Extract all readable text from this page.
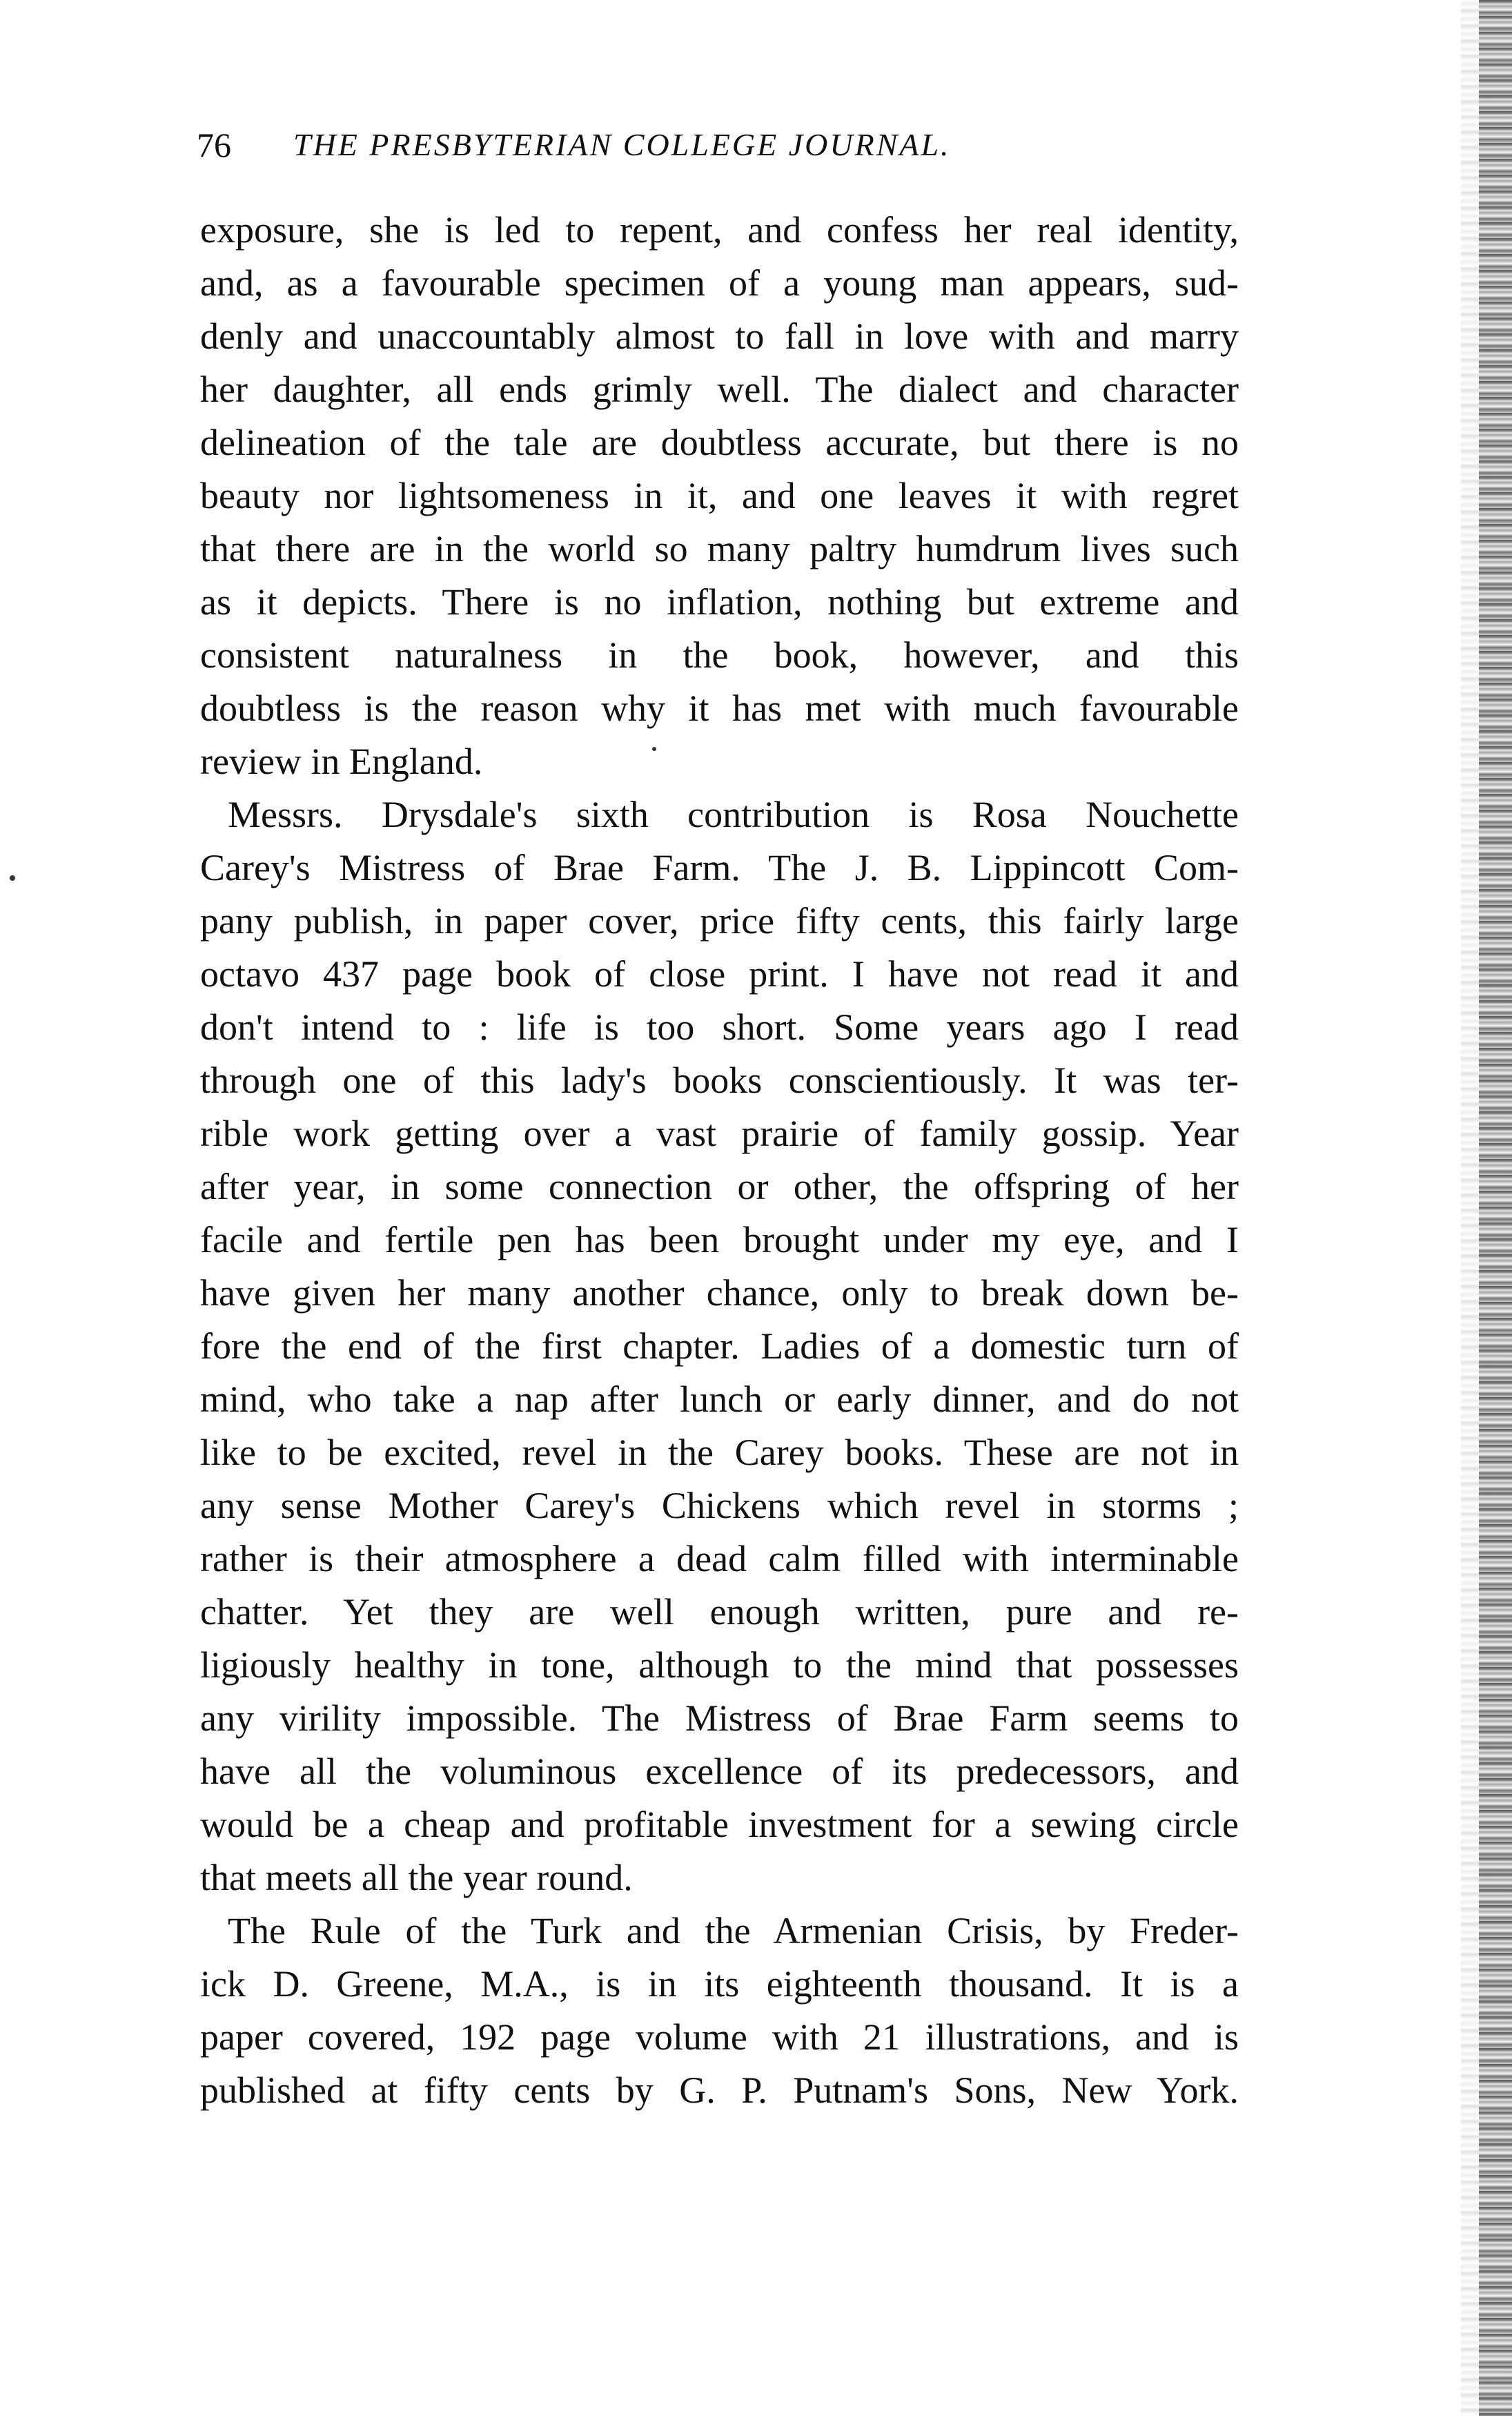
76 THE PRESBYTERIAN COLLEGE JOURNAL.

exposure, she is led to repent, and confess her real identity,
and, as a favourable specimen of a young man appears, sud-
denly and unaccountably almost to fall in love with and marry
her daughter, all ends grimly well. The dialect and character
delineation of the tale are doubtless accurate, but there is no
beauty nor lightsomeness in it, and one leaves it with regret
that there are in the world so many paltry humdrum lives such
as it depicts. There is no inflation, nothing but extreme and
consistent naturalness in the book, however, and this
doubtless is the reason why it has met with much favourable
review in England.

Messrs. Drysdale's sixth contribution is Rosa Nouchette
Carey's Mistress of Brae Farm. The J. B. Lippincott Com-
pany publish, in paper cover, price fifty cents, this fairly large
octavo 437 page book of close print. I have not read it and
don't intend to : life is too short. Some years ago I read
through one of this lady's books conscientiously. It was ter-
rible work getting over a vast prairie of family gossip. Year
after year, in some connection or other, the offspring of her
facile and fertile pen has been brought under my eye, and I
have given her many another chance, only to break down be-
fore the end of the first chapter. Ladies of a domestic turn of
mind, who take a nap after lunch or early dinner, and do not
like to be excited, revel in the Carey books. These are not in
any sense Mother Carey's Chickens which revel in storms ;
rather is their atmosphere a dead calm filled with interminable
chatter. Yet they are well enough written, pure and re-
ligiously healthy in tone, although to the mind that possesses
any virility impossible. The Mistress of Brae Farm seems to
have all the voluminous excellence of its predecessors, and
would be a cheap and profitable investment for a sewing circle
that meets all the year round.

The Rule of the Turk and the Armenian Crisis, by Freder-
ick D. Greene, M.A., is in its eighteenth thousand. It is a
paper covered, 192 page volume with 21 illustrations, and is
published at fifty cents by G. P. Putnam's Sons, New York.
